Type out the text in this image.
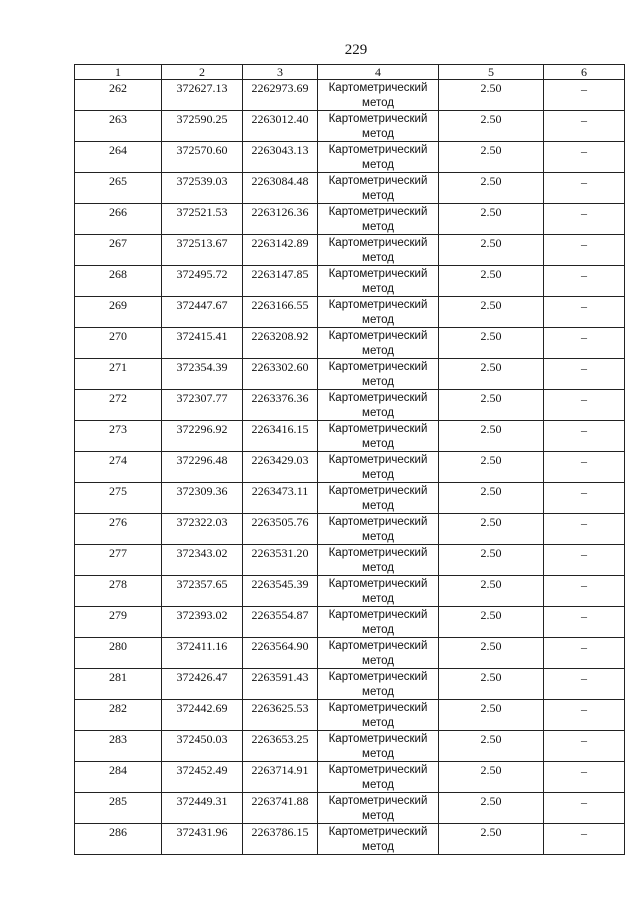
229
1	2	3	4	5	6

262	372627.13	2262973.69	Картометрический
метод	2.50	–

263	372590.25	2263012.40	Картометрический
метод	2.50	–

264	372570.60	2263043.13	Картометрический
метод	2.50	–

265	372539.03	2263084.48	Картометрический
метод	2.50	–

266	372521.53	2263126.36	Картометрический
метод	2.50	–

267	372513.67	2263142.89	Картометрический
метод	2.50	–

268	372495.72	2263147.85	Картометрический
метод	2.50	–

269	372447.67	2263166.55	Картометрический
метод	2.50	–

270	372415.41	2263208.92	Картометрический
метод	2.50	–

271	372354.39	2263302.60	Картометрический
метод	2.50	–

272	372307.77	2263376.36	Картометрический
метод	2.50	–

273	372296.92	2263416.15	Картометрический
метод	2.50	–

274	372296.48	2263429.03	Картометрический
метод	2.50	–

275	372309.36	2263473.11	Картометрический
метод	2.50	–

276	372322.03	2263505.76	Картометрический
метод	2.50	–

277	372343.02	2263531.20	Картометрический
метод	2.50	–

278	372357.65	2263545.39	Картометрический
метод	2.50	–

279	372393.02	2263554.87	Картометрический
метод	2.50	–

280	372411.16	2263564.90	Картометрический
метод	2.50	–

281	372426.47	2263591.43	Картометрический
метод	2.50	–

282	372442.69	2263625.53	Картометрический
метод	2.50	–

283	372450.03	2263653.25	Картометрический
метод	2.50	–

284	372452.49	2263714.91	Картометрический
метод	2.50	–

285	372449.31	2263741.88	Картометрический
метод	2.50	–

286	372431.96	2263786.15	Картометрический
метод	2.50	–
